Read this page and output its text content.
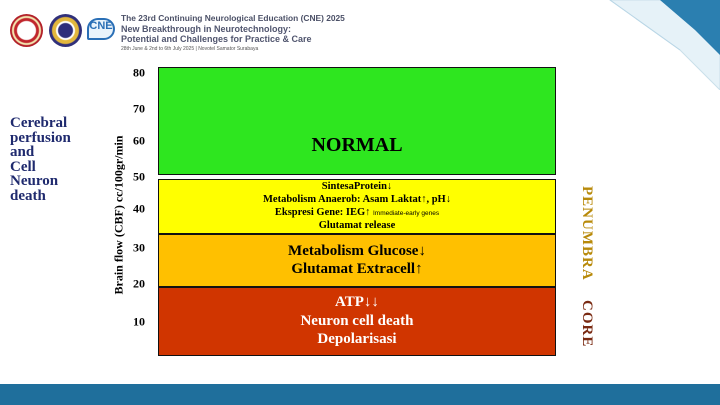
CNE
The 23rd Continuing Neurological Education (CNE) 2025
New Breakthrough in Neurotechnology:
Potential and Challenges for Practice & Care
28th June & 2nd to 6th July 2025 | Novotel Samator Surabaya
Cerebral
perfusion
and
Cell
Neuron
death	Brain flow (CBF) cc/100gr/min
80
70
60
50
40
30
20
10
NORMAL
SintesaProtein↓
Metabolism Anaerob: Asam Laktat↑, pH↓
Ekspresi Gene: IEG↑ Immediate-early genes
Glutamat release
Metabolism Glucose↓
Glutamat Extracell↑
ATP↓↓
Neuron cell death
Depolarisasi
PENUMBRA
CORE
